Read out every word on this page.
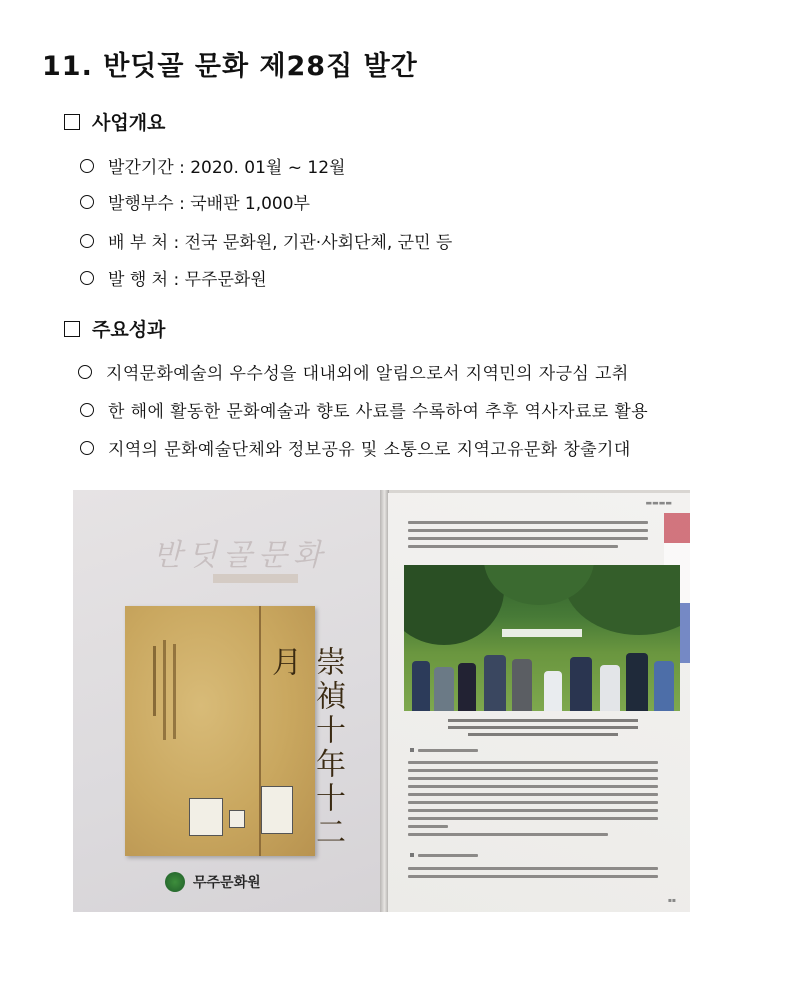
11. 반딧골 문화 제28집 발간
사업개요
발간기간 : 2020. 01월 ~ 12월
발행부수 : 국배판 1,000부
배 부 처 : 전국 문화원, 기관·사회단체, 군민 등
발 행 처 : 무주문화원
주요성과
지역문화예술의 우수성을 대내외에 알림으로서 지역민의 자긍심 고취
한 해에 활동한 문화예술과 향토 사료를 수록하여 추후 역사자료로 활용
지역의 문화예술단체와 정보공유 및 소통으로 지역고유문화 창출기대
반딧골문화
崇禎十年十二月
무주문화원
▬▬▬▬
▪▪
